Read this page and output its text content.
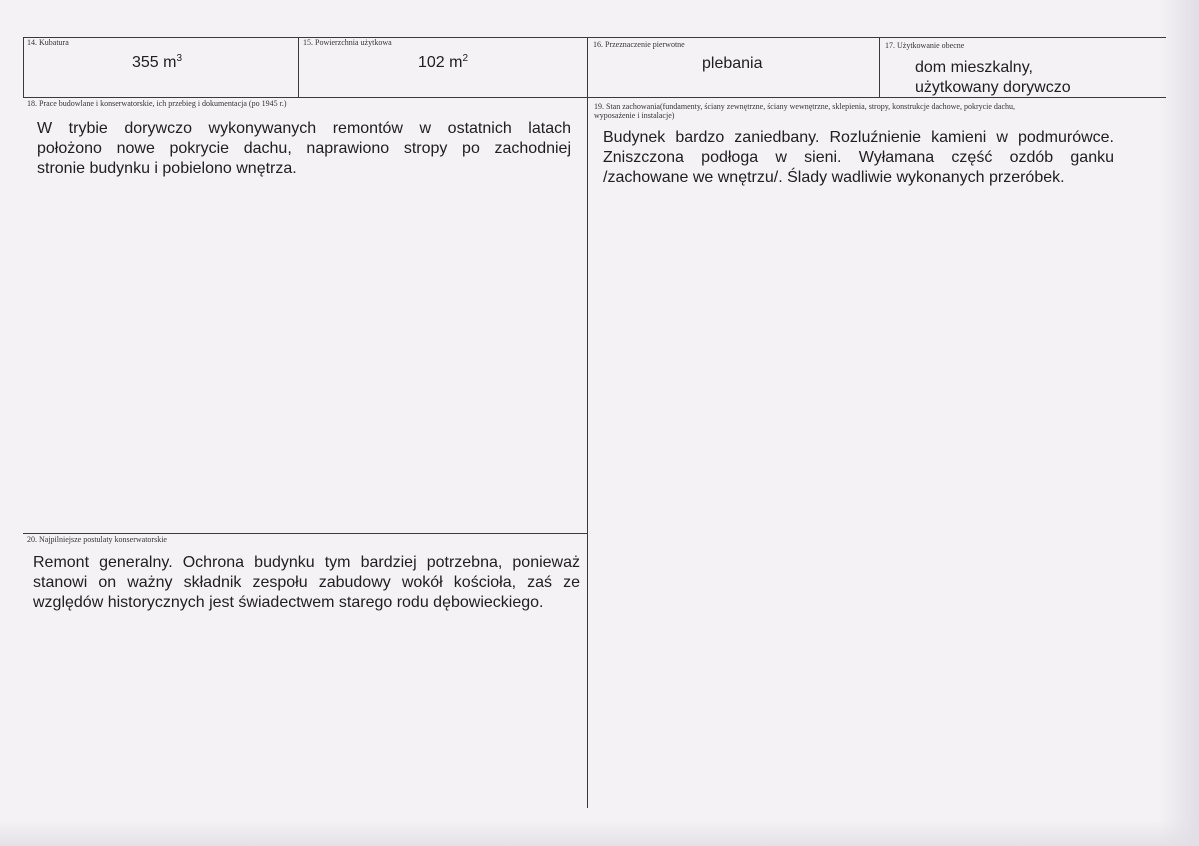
14. Kubatura
355 $m^3$
15. Powierzchnia użytkowa
102 $m^2$
16. Przeznaczenie pierwotne
plebania
17. Użytkowanie obecne
dom mieszkalny,
użytkowany dorywczo
18. Prace budowlane i konserwatorskie, ich przebieg i dokumentacja (po 1945 r.)
W trybie dorywczo wykonywanych remontów w ostatnich latach
położono nowe pokrycie dachu, naprawiono stropy po zachodniej
stronie budynku i pobielono wnętrza.
19. Stan zachowania(fundamenty, ściany zewnętrzne, ściany wewnętrzne, sklepienia, stropy, konstrukcje dachowe, pokrycie dachu,
wyposażenie i instalacje)
Budynek bardzo zaniedbany. Rozluźnienie kamieni w podmurówce.
Zniszczona podłoga w sieni. Wyłamana część ozdób ganku
/zachowane we wnętrzu/. Ślady wadliwie wykonanych przeróbek.
20. Najpilniejsze postulaty konserwatorskie
Remont generalny. Ochrona budynku tym bardziej potrzebna, ponieważ
stanowi on ważny składnik zespołu zabudowy wokół kościoła, zaś ze
względów historycznych jest świadectwem starego rodu dębowieckiego.
